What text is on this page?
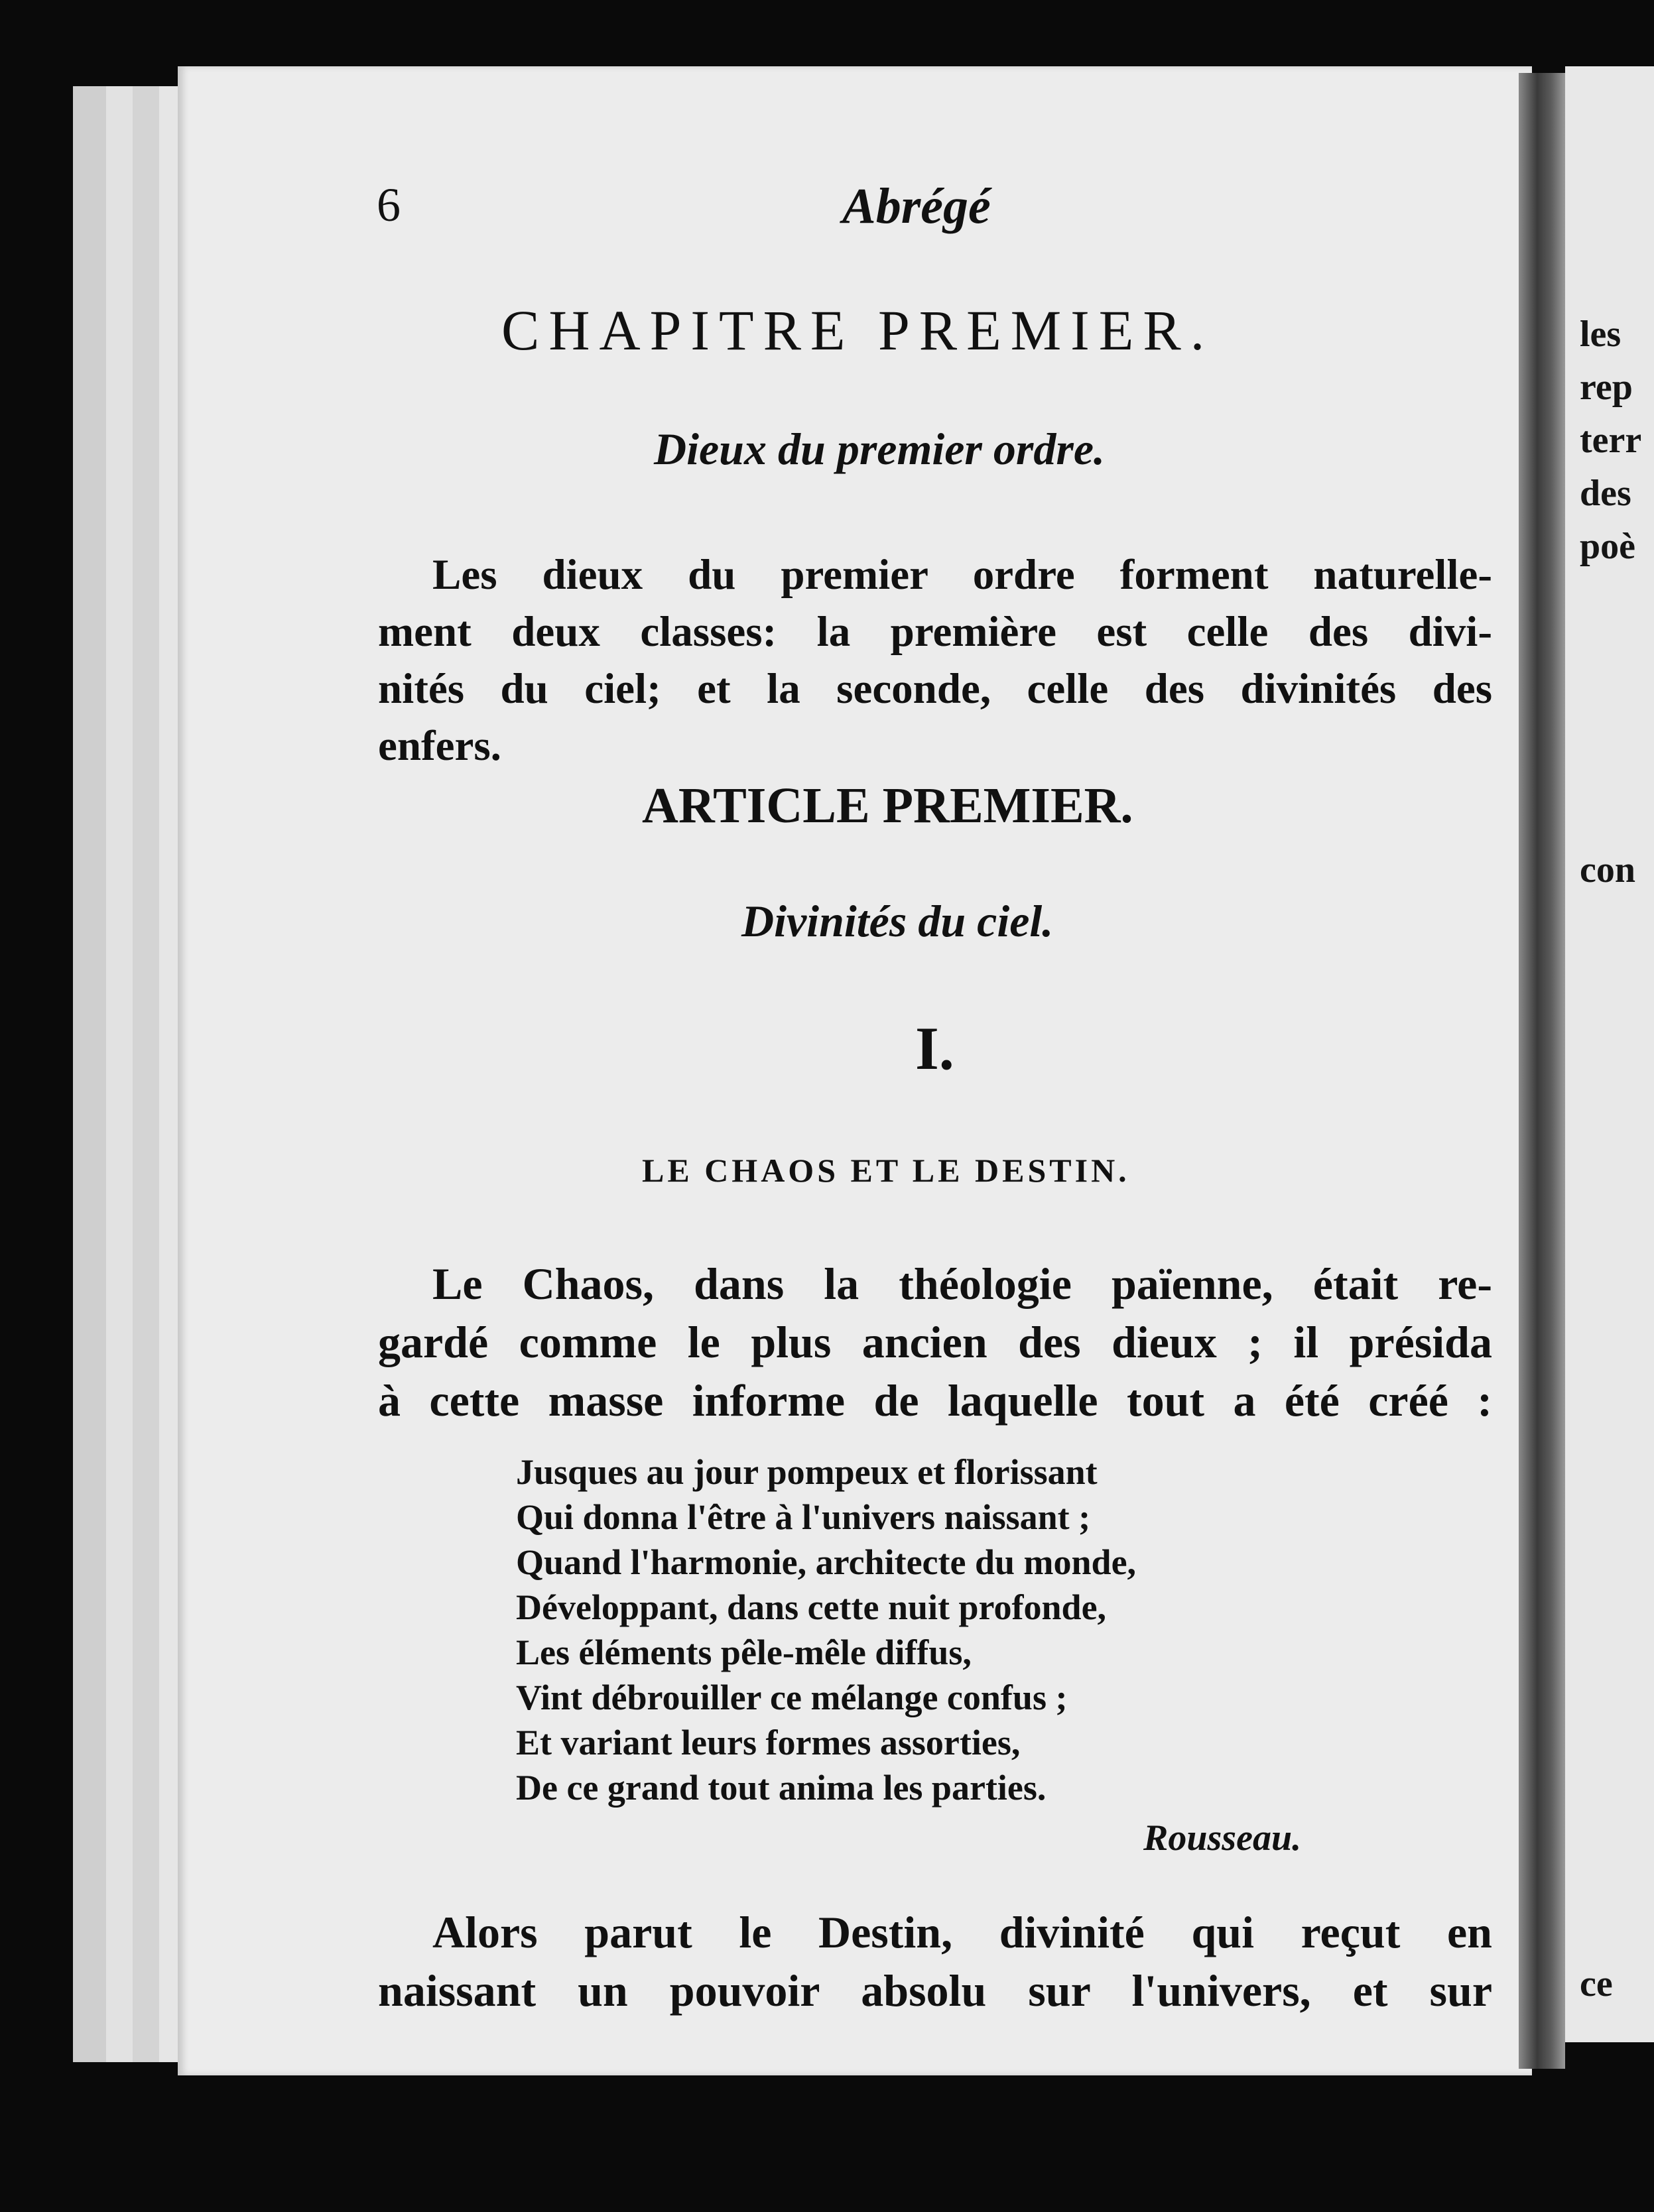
6	Abrégé
CHAPITRE PREMIER.
Dieux du premier ordre.
Les dieux du premier ordre forment naturelle-
ment deux classes: la première est celle des divi-
nités du ciel; et la seconde, celle des divinités des
enfers.
ARTICLE PREMIER.
Divinités du ciel.
I.
LE CHAOS ET LE DESTIN.
Le Chaos, dans la théologie païenne, était re-
gardé comme le plus ancien des dieux ; il présida
à cette masse informe de laquelle tout a été créé :
Jusques au jour pompeux et florissant
Qui donna l'être à l'univers naissant ;
Quand l'harmonie, architecte du monde,
Développant, dans cette nuit profonde,
Les éléments pêle-mêle diffus,
Vint débrouiller ce mélange confus ;
Et variant leurs formes assorties,
De ce grand tout anima les parties.
Rousseau.
Alors parut le Destin, divinité qui reçut en
naissant un pouvoir absolu sur l'univers, et sur
les
rep
terr
des
poè
con
ce
